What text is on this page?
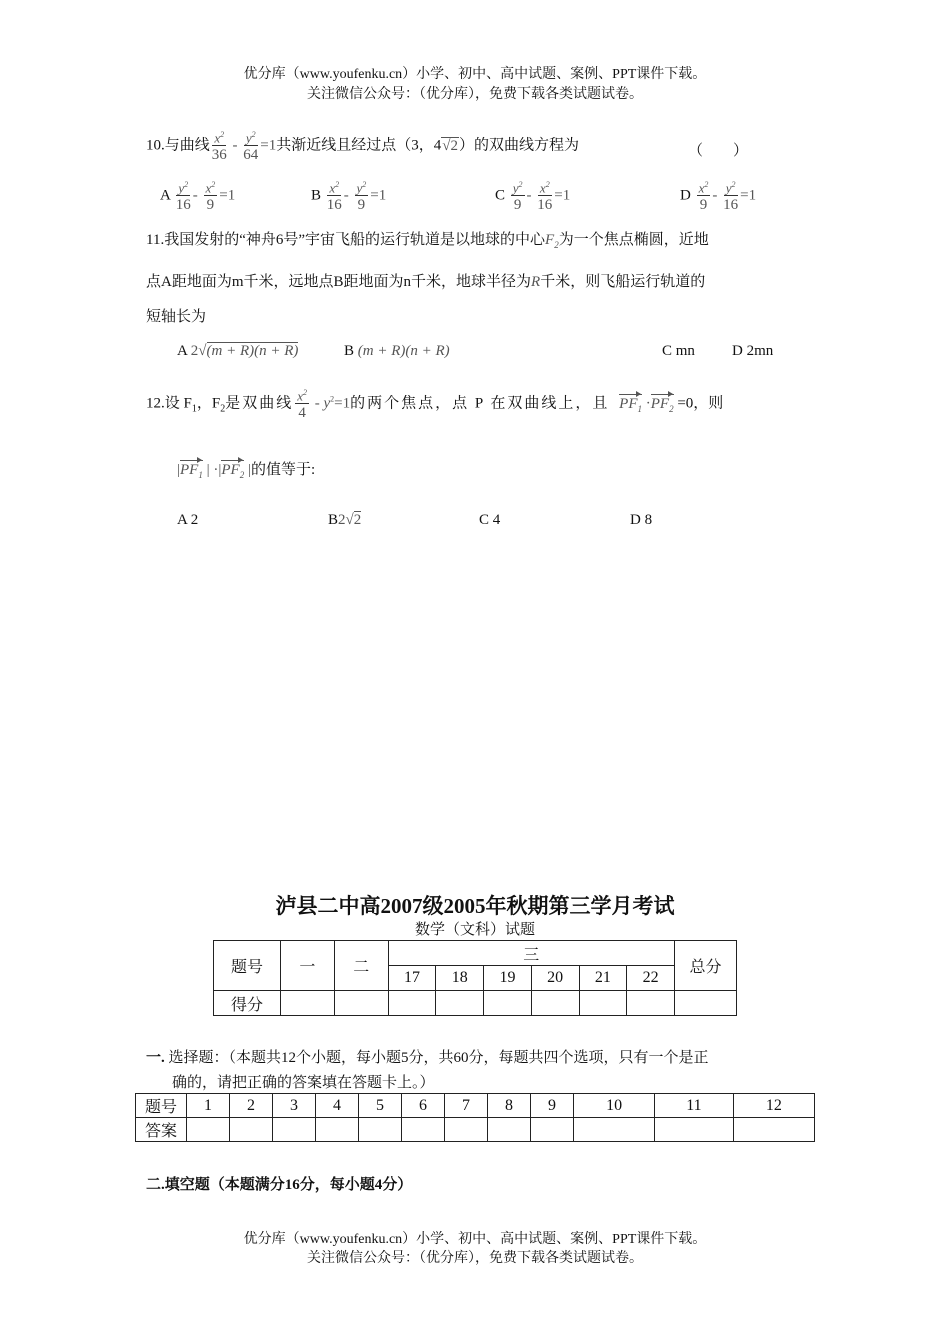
优分库（www.youfenku.cn）小学、初中、高中试题、案例、PPT课件下载。
关注微信公众号：（优分库），免费下载各类试题试卷。
10.与曲线 $\frac{x^2}{36} - \frac{y^2}{64} =1$共渐近线且经过点（3，4√2）的双曲线方程为	（　　）
A $\frac{y^2}{16} - \frac{x^2}{9} =1$	B $\frac{x^2}{16} - \frac{y^2}{9} =1$	C $\frac{y^2}{9} - \frac{x^2}{16} =1$	D $\frac{x^2}{9} - \frac{y^2}{16} =1$
11.我国发射的“神舟6号”宇宙飞船的运行轨道是以地球的中心$F_2$为一个焦点椭圆，近地
点A距地面为m千米，远地点B距地面为n千米，地球半径为R千米，则飞船运行轨道的
短轴长为
A 2√(m + R)(n + R)	B (m + R)(n + R)	C mn D 2mn
12.设 $F_1$，$F_2$是双曲线 $\frac{x^2}{4} - y^2=1$的两个焦点，点 P 在双曲线上，且 $PF_1 \cdot PF_2 =0$，则
$|PF_1$ | $\cdot|PF_2$ |的值等于:
A 2	B2√2	C 4	D 8
泸县二中高2007级2005年秋期第三学月考试
数学（文科）试题
题号	一	二	三						总分
			17	18	19	20	21	22	
得分									
一. 选择题：（本题共12个小题，每小题5分，共60分，每题共四个选项，只有一个是正
确的，请把正确的答案填在答题卡上。）
题号	1	2	3	4	5	6	7	8	9	10	11	12
答案												
二.填空题（本题满分16分，每小题4分）
优分库（www.youfenku.cn）小学、初中、高中试题、案例、PPT课件下载。
关注微信公众号：（优分库），免费下载各类试题试卷。
